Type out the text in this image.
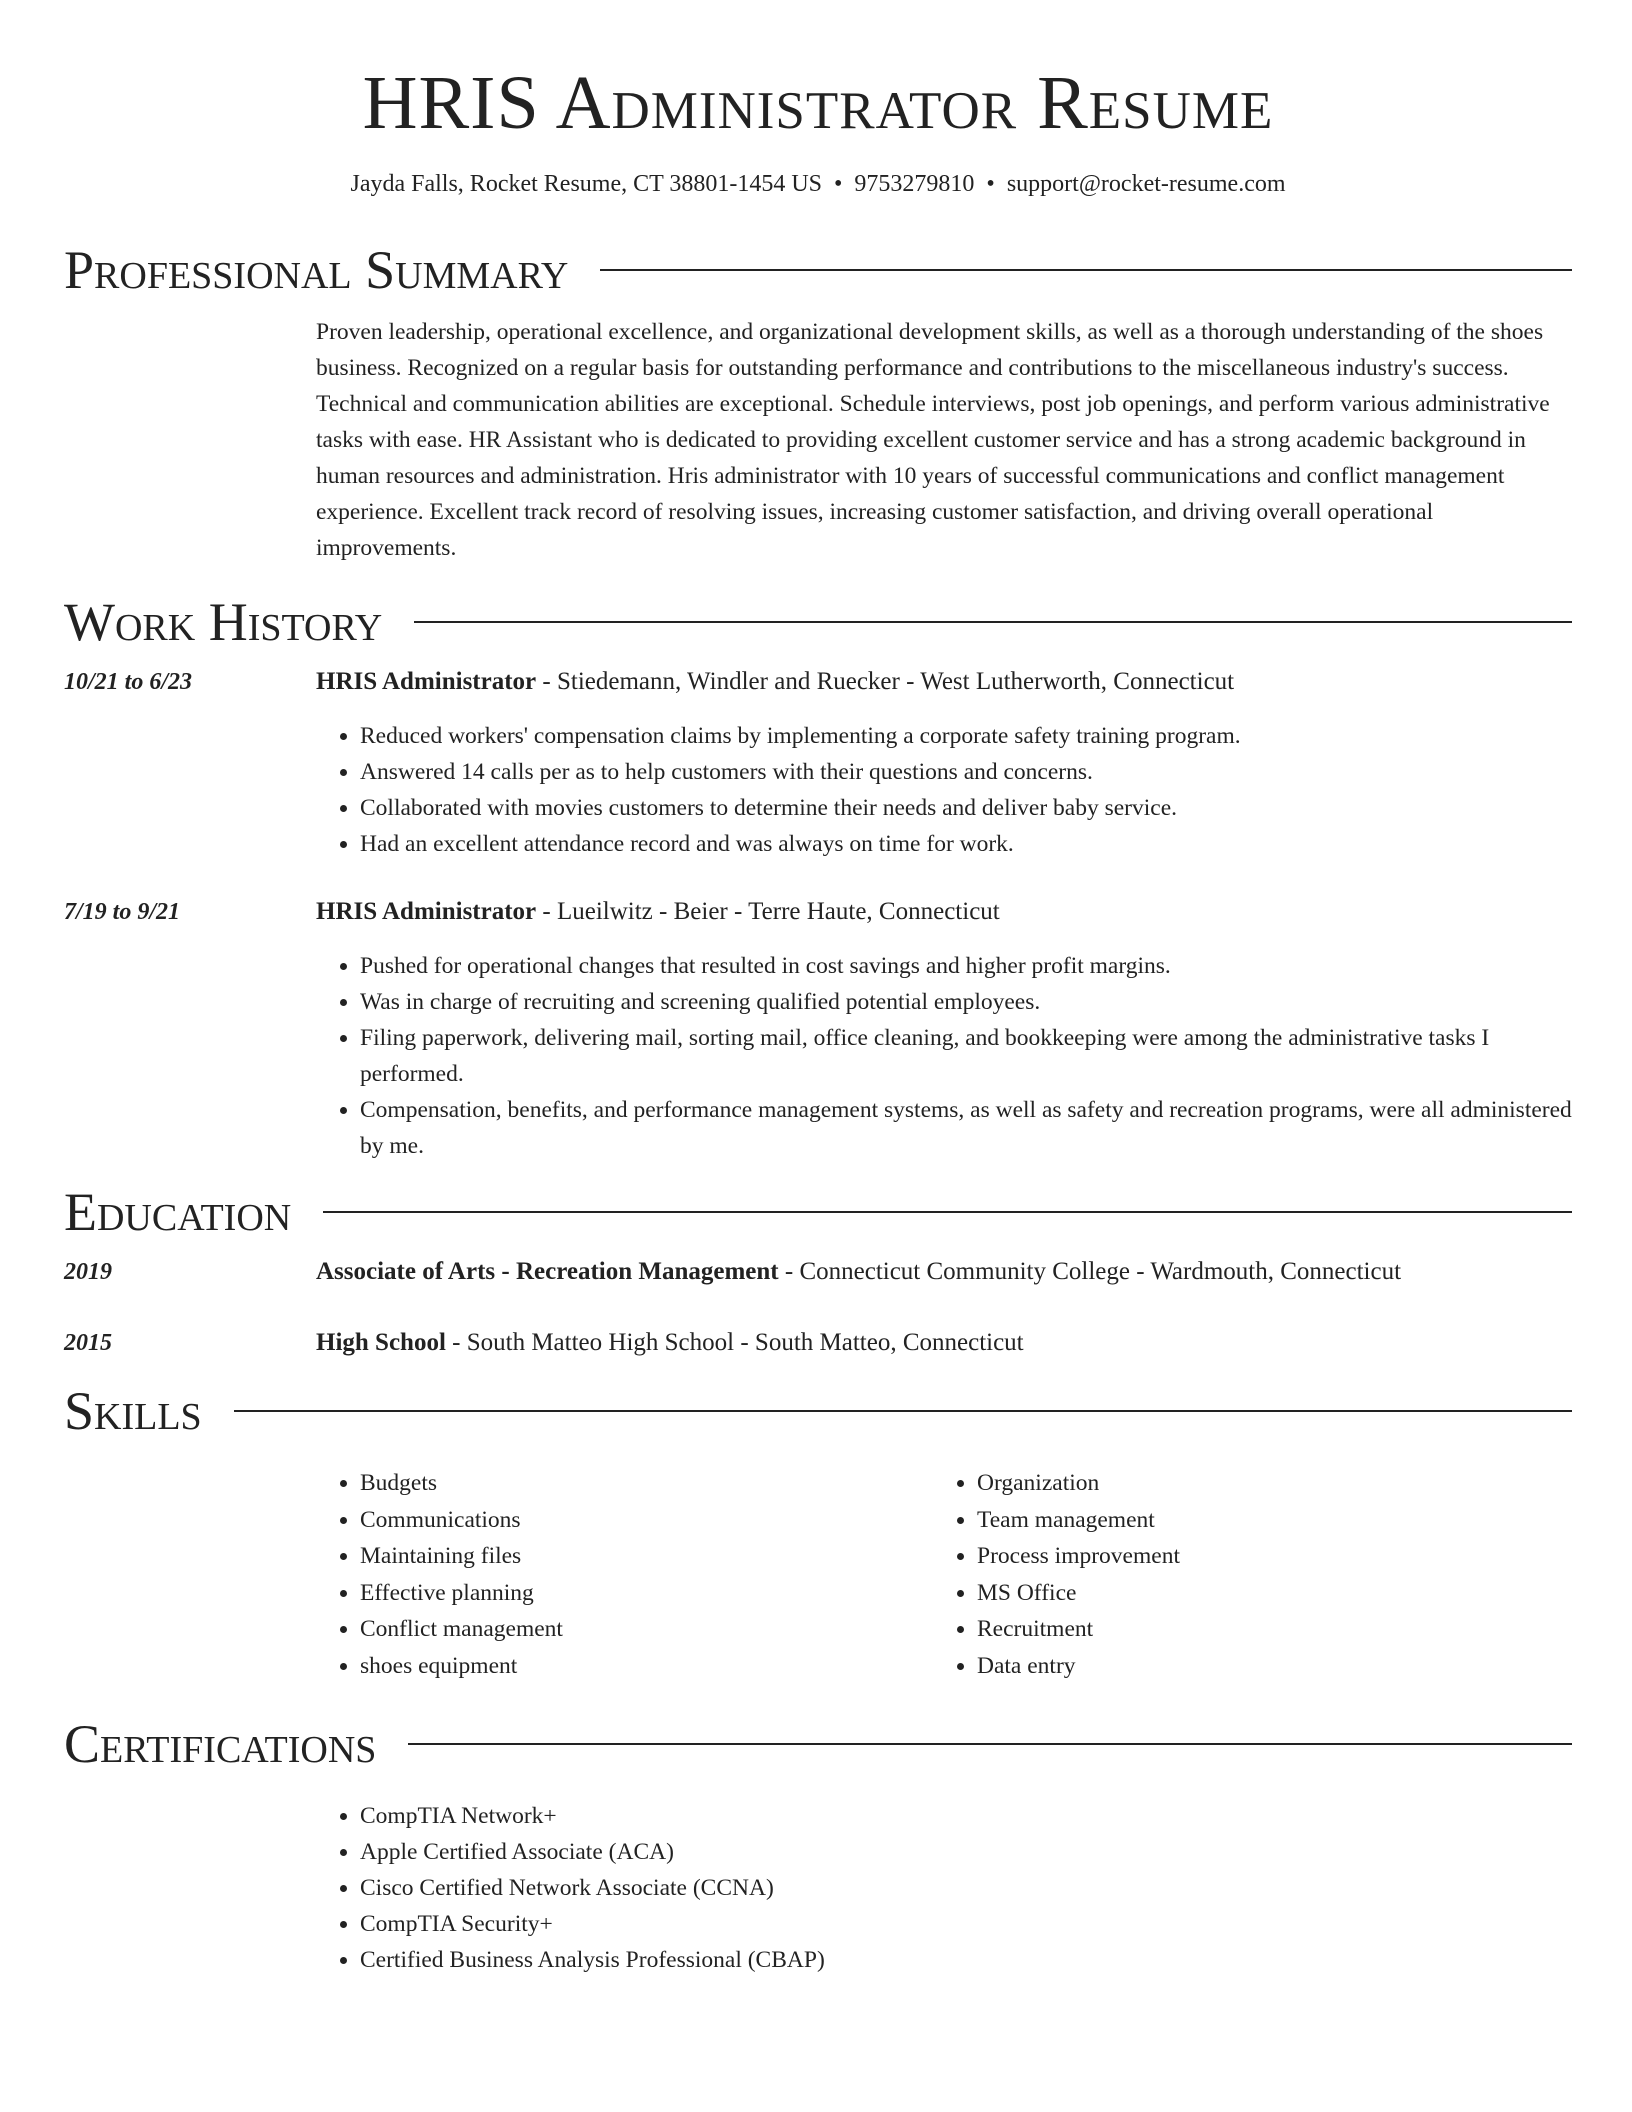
HRIS Administrator Resume
Jayda Falls, Rocket Resume, CT 38801-1454 US • 9753279810 • support@rocket-resume.com
Professional Summary
Proven leadership, operational excellence, and organizational development skills, as well as a thorough understanding of the shoes business. Recognized on a regular basis for outstanding performance and contributions to the miscellaneous industry's success. Technical and communication abilities are exceptional. Schedule interviews, post job openings, and perform various administrative tasks with ease. HR Assistant who is dedicated to providing excellent customer service and has a strong academic background in human resources and administration. Hris administrator with 10 years of successful communications and conflict management experience. Excellent track record of resolving issues, increasing customer satisfaction, and driving overall operational improvements.
Work History
10/21 to 6/23	HRIS Administrator - Stiedemann, Windler and Ruecker - West Lutherworth, Connecticut
• Reduced workers' compensation claims by implementing a corporate safety training program.
• Answered 14 calls per as to help customers with their questions and concerns.
• Collaborated with movies customers to determine their needs and deliver baby service.
• Had an excellent attendance record and was always on time for work.
7/19 to 9/21	HRIS Administrator - Lueilwitz - Beier - Terre Haute, Connecticut
• Pushed for operational changes that resulted in cost savings and higher profit margins.
• Was in charge of recruiting and screening qualified potential employees.
• Filing paperwork, delivering mail, sorting mail, office cleaning, and bookkeeping were among the administrative tasks I performed.
• Compensation, benefits, and performance management systems, as well as safety and recreation programs, were all administered by me.
Education
2019	Associate of Arts - Recreation Management - Connecticut Community College - Wardmouth, Connecticut
2015	High School - South Matteo High School - South Matteo, Connecticut
Skills
• Budgets
• Communications
• Maintaining files
• Effective planning
• Conflict management
• shoes equipment
• Organization
• Team management
• Process improvement
• MS Office
• Recruitment
• Data entry
Certifications
• CompTIA Network+
• Apple Certified Associate (ACA)
• Cisco Certified Network Associate (CCNA)
• CompTIA Security+
• Certified Business Analysis Professional (CBAP)
